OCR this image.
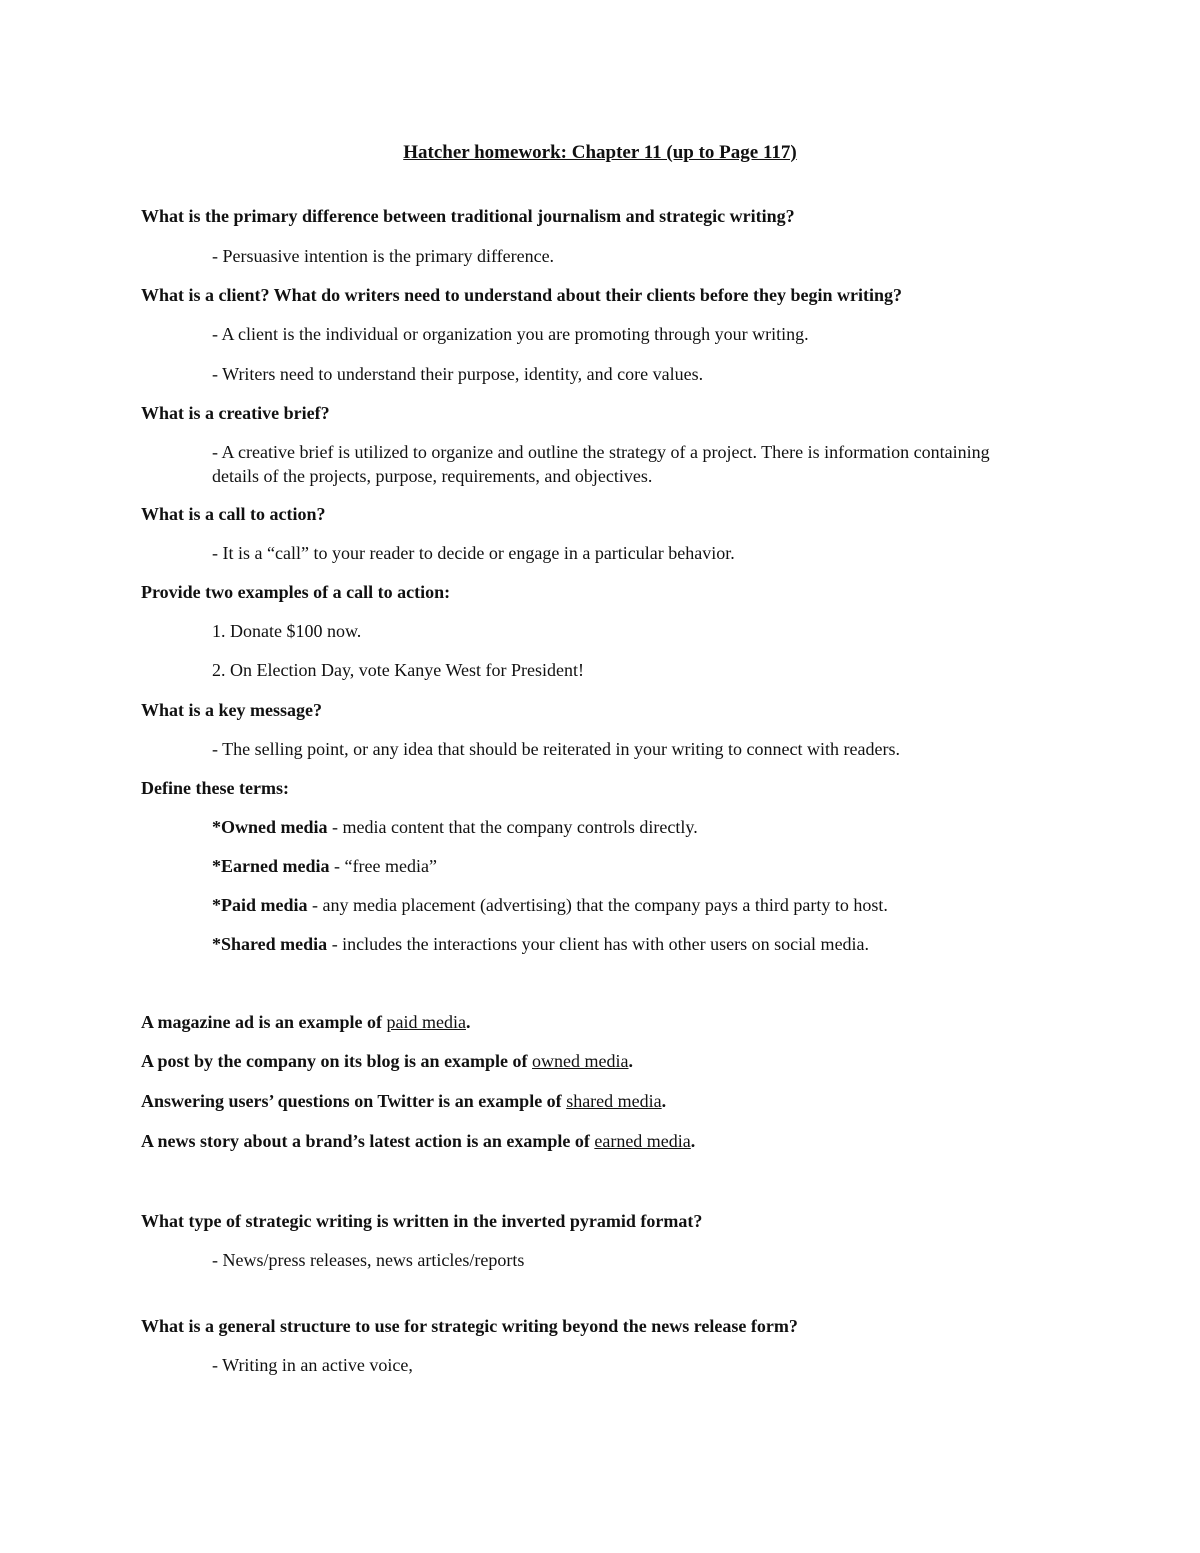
Hatcher homework: Chapter 11 (up to Page 117)
What is the primary difference between traditional journalism and strategic writing?
- Persuasive intention is the primary difference.
What is a client? What do writers need to understand about their clients before they begin writing?
- A client is the individual or organization you are promoting through your writing.
- Writers need to understand their purpose, identity, and core values.
What is a creative brief?
- A creative brief is utilized to organize and outline the strategy of a project. There is information containing details of the projects, purpose, requirements, and objectives.
What is a call to action?
- It is a “call” to your reader to decide or engage in a particular behavior.
Provide two examples of a call to action:
1. Donate $100 now.
2. On Election Day, vote Kanye West for President!
What is a key message?
- The selling point, or any idea that should be reiterated in your writing to connect with readers.
Define these terms:
*Owned media - media content that the company controls directly.
*Earned media - “free media”
*Paid media - any media placement (advertising) that the company pays a third party to host.
*Shared media - includes the interactions your client has with other users on social media.
A magazine ad is an example of paid media.
A post by the company on its blog is an example of owned media.
Answering users’ questions on Twitter is an example of shared media.
A news story about a brand’s latest action is an example of earned media.
What type of strategic writing is written in the inverted pyramid format?
- News/press releases, news articles/reports
What is a general structure to use for strategic writing beyond the news release form?
- Writing in an active voice,
